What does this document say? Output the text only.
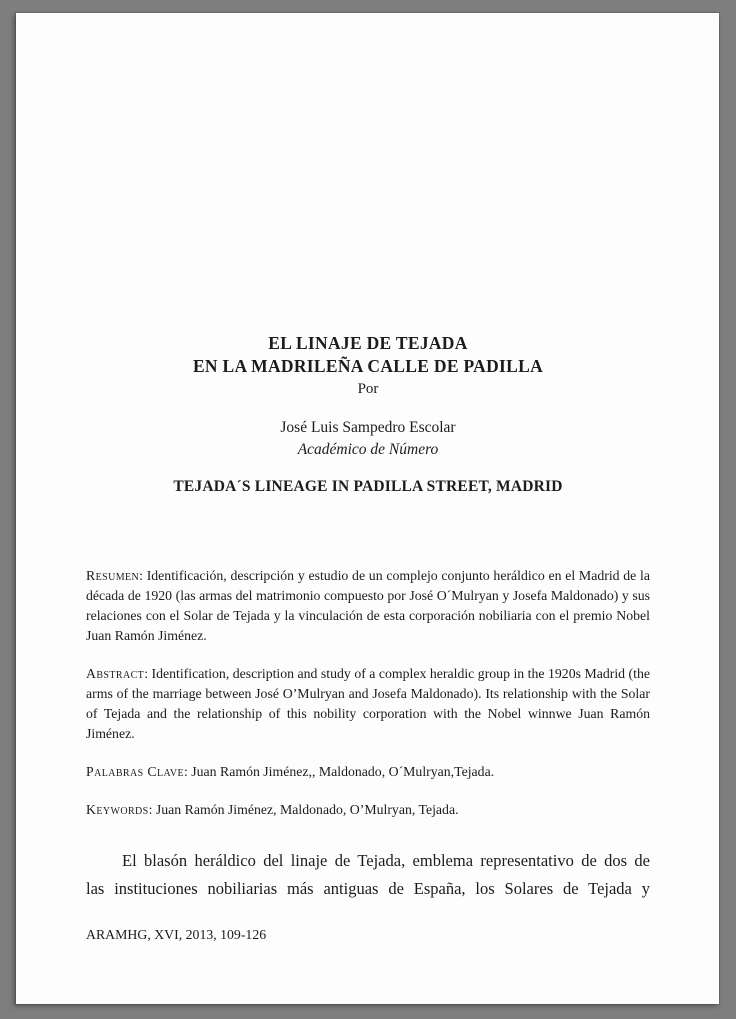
EL LINAJE DE TEJADA
EN LA MADRILEÑA CALLE DE PADILLA
Por
José Luis Sampedro Escolar
Académico de Número
TEJADA´S LINEAGE IN PADILLA STREET, MADRID

Resumen: Identificación, descripción y estudio de un complejo conjunto heráldico en el Madrid de la década de 1920 (las armas del matrimonio compuesto por José O´Mulryan y Josefa Maldonado) y sus relaciones con el Solar de Tejada y la vinculación de esta corporación nobiliaria con el premio Nobel Juan Ramón Jiménez.

Abstract: Identification, description and study of a complex heraldic group in the 1920s Madrid (the arms of the marriage between José O’Mulryan and Josefa Maldonado). Its relationship with the Solar of Tejada and the relationship of this nobility corporation with the Nobel winnwe Juan Ramón Jiménez.

Palabras Clave: Juan Ramón Jiménez,, Maldonado, O´Mulryan,Tejada.

Keywords: Juan Ramón Jiménez, Maldonado, O’Mulryan, Tejada.

El blasón heráldico del linaje de Tejada, emblema representativo de dos de las instituciones nobiliarias más antiguas de España, los Solares de Tejada y

ARAMHG, XVI, 2013, 109-126
